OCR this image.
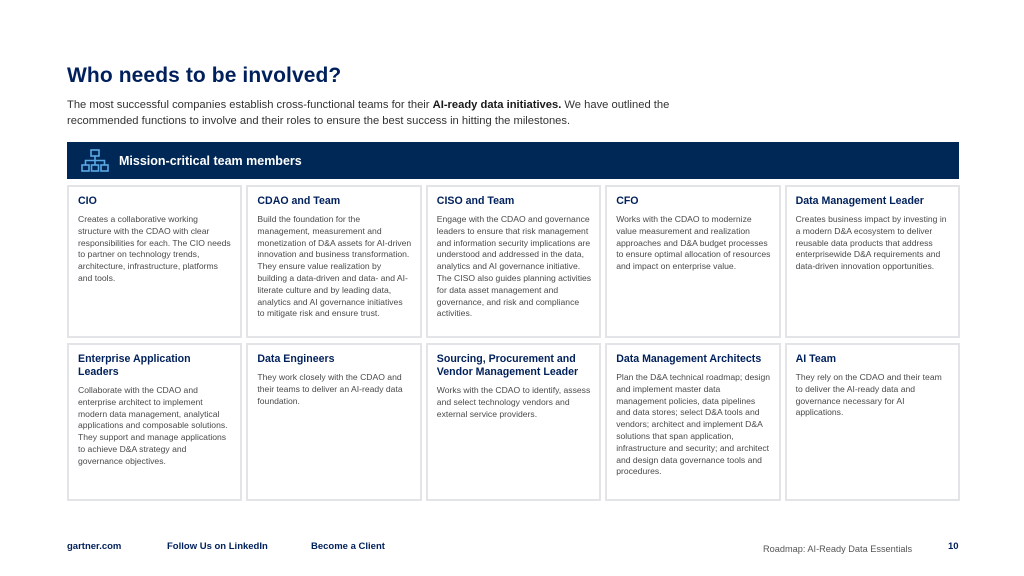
Who needs to be involved?

The most successful companies establish cross-functional teams for their AI-ready data initiatives. We have outlined the recommended functions to involve and their roles to ensure the best success in hitting the milestones.

Mission-critical team members
CIO

Creates a collaborative working structure with the CDAO with clear responsibilities for each. The CIO needs to partner on technology trends, architecture, infrastructure, platforms and tools.

CDAO and Team

Build the foundation for the management, measurement and monetization of D&A assets for AI-driven innovation and business transformation. They ensure value realization by building a data-driven and data- and AI-literate culture and by leading data, analytics and AI governance initiatives to mitigate risk and ensure trust.

CISO and Team

Engage with the CDAO and governance leaders to ensure that risk management and information security implications are understood and addressed in the data, analytics and AI governance initiative. The CISO also guides planning activities for data asset management and governance, and risk and compliance activities.

CFO

Works with the CDAO to modernize value measurement and realization approaches and D&A budget processes to ensure optimal allocation of resources and impact on enterprise value.

Data Management Leader

Creates business impact by investing in a modern D&A ecosystem to deliver reusable data products that address enterprisewide D&A requirements and data-driven innovation opportunities.

Enterprise Application Leaders

Collaborate with the CDAO and enterprise architect to implement modern data management, analytical applications and composable solutions. They support and manage applications to achieve D&A strategy and governance objectives.

Data Engineers

They work closely with the CDAO and their teams to deliver an AI-ready data foundation.

Sourcing, Procurement and Vendor Management Leader

Works with the CDAO to identify, assess and select technology vendors and external service providers.

Data Management Architects

Plan the D&A technical roadmap; design and implement master data management policies, data pipelines and data stores; select D&A tools and vendors; architect and implement D&A solutions that span application, infrastructure and security; and architect and design data governance tools and procedures.

AI Team

They rely on the CDAO and their team to deliver the AI-ready data and governance necessary for AI applications.

gartner.com	Follow Us on LinkedIn	Become a Client	Roadmap: AI-Ready Data Essentials	10
